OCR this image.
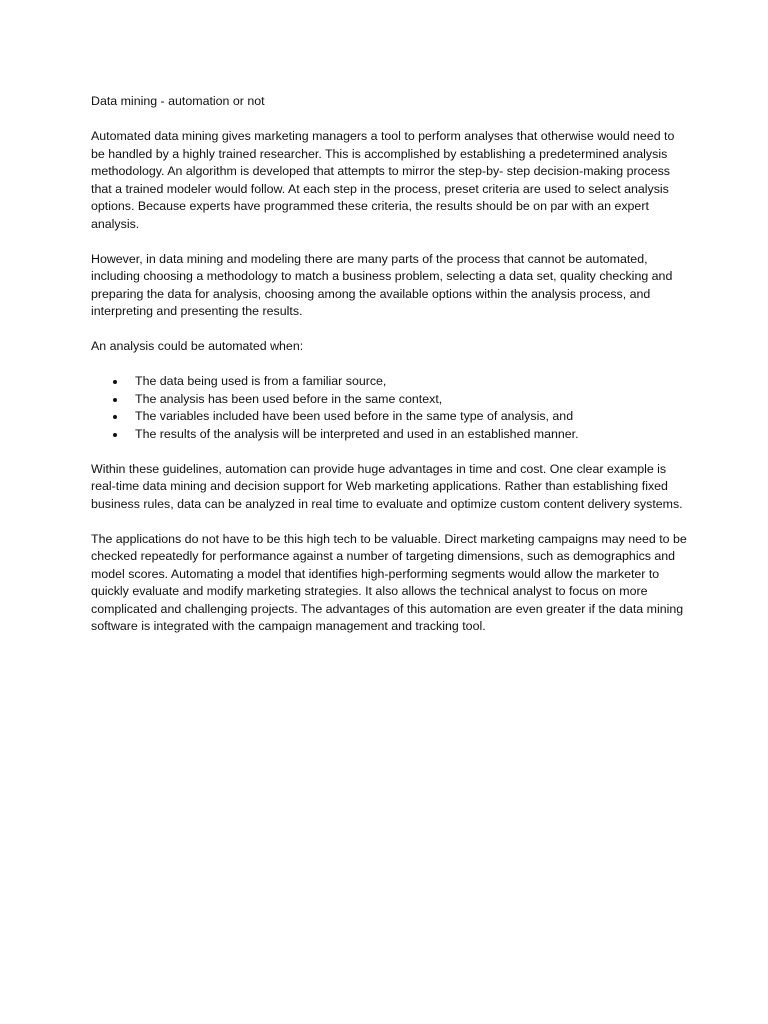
Data mining - automation or not

Automated data mining gives marketing managers a tool to perform analyses that otherwise would need to be handled by a highly trained researcher. This is accomplished by establishing a predetermined analysis methodology. An algorithm is developed that attempts to mirror the step-by- step decision-making process that a trained modeler would follow. At each step in the process, preset criteria are used to select analysis options. Because experts have programmed these criteria, the results should be on par with an expert analysis.

However, in data mining and modeling there are many parts of the process that cannot be automated, including choosing a methodology to match a business problem, selecting a data set, quality checking and preparing the data for analysis, choosing among the available options within the analysis process, and interpreting and presenting the results.

An analysis could be automated when:

The data being used is from a familiar source,
The analysis has been used before in the same context,
The variables included have been used before in the same type of analysis, and
The results of the analysis will be interpreted and used in an established manner.

Within these guidelines, automation can provide huge advantages in time and cost. One clear example is real-time data mining and decision support for Web marketing applications. Rather than establishing fixed business rules, data can be analyzed in real time to evaluate and optimize custom content delivery systems.

The applications do not have to be this high tech to be valuable. Direct marketing campaigns may need to be checked repeatedly for performance against a number of targeting dimensions, such as demographics and model scores. Automating a model that identifies high-performing segments would allow the marketer to quickly evaluate and modify marketing strategies. It also allows the technical analyst to focus on more complicated and challenging projects. The advantages of this automation are even greater if the data mining software is integrated with the campaign management and tracking tool.
